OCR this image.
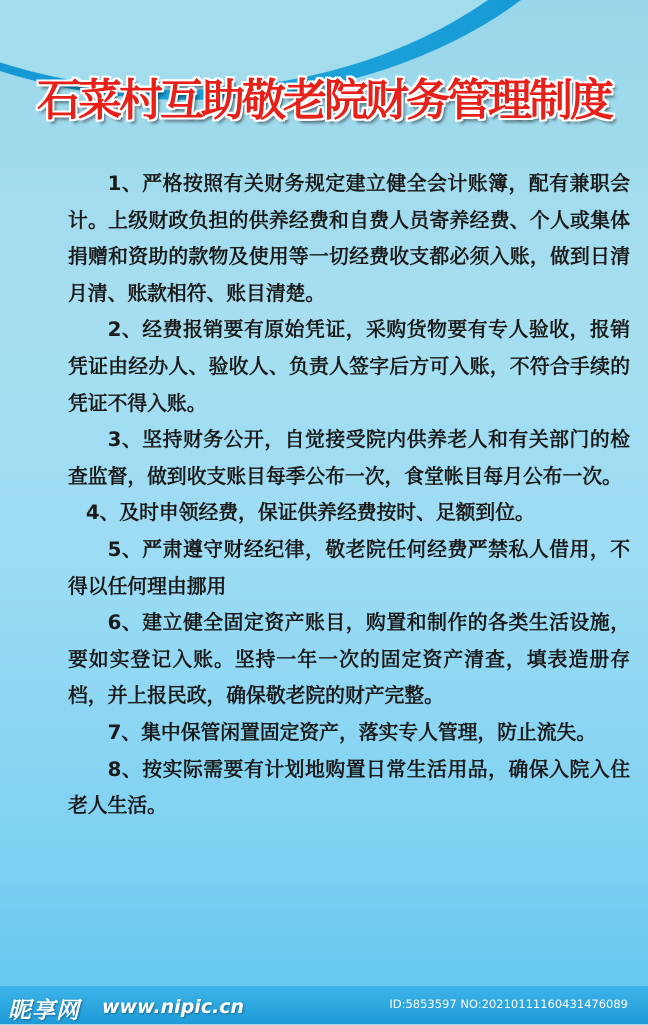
石菜村互助敬老院财务管理制度

1、严格按照有关财务规定建立健全会计账簿，配有兼职会计。上级财政负担的供养经费和自费人员寄养经费、个人或集体捐赠和资助的款物及使用等一切经费收支都必须入账，做到日清月清、账款相符、账目清楚。

2、经费报销要有原始凭证，采购货物要有专人验收，报销凭证由经办人、验收人、负责人签字后方可入账，不符合手续的凭证不得入账。

3、坚持财务公开，自觉接受院内供养老人和有关部门的检查监督，做到收支账目每季公布一次，食堂帐目每月公布一次。

4、及时申领经费，保证供养经费按时、足额到位。

5、严肃遵守财经纪律，敬老院任何经费严禁私人借用，不得以任何理由挪用

6、建立健全固定资产账目，购置和制作的各类生活设施，要如实登记入账。坚持一年一次的固定资产清查，填表造册存档，并上报民政，确保敬老院的财产完整。

7、集中保管闲置固定资产，落实专人管理，防止流失。

8、按实际需要有计划地购置日常生活用品，确保入院入住老人生活。

昵享网 www.nipic.cn	ID:5853597 NO:20210111160431476089
